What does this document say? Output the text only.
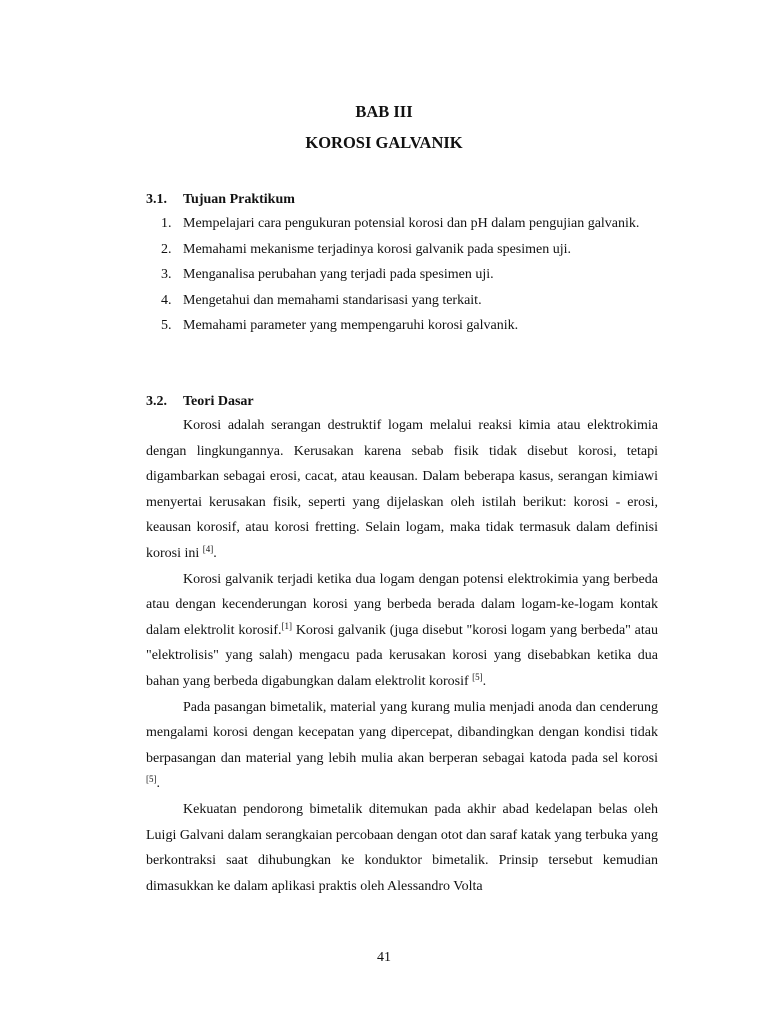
BAB III
KOROSI GALVANIK
3.1. Tujuan Praktikum
1. Mempelajari cara pengukuran potensial korosi dan pH dalam pengujian galvanik.
2. Memahami mekanisme terjadinya korosi galvanik pada spesimen uji.
3. Menganalisa perubahan yang terjadi pada spesimen uji.
4. Mengetahui dan memahami standarisasi yang terkait.
5. Memahami parameter yang mempengaruhi korosi galvanik.
3.2. Teori Dasar

Korosi adalah serangan destruktif logam melalui reaksi kimia atau elektrokimia dengan lingkungannya. Kerusakan karena sebab fisik tidak disebut korosi, tetapi digambarkan sebagai erosi, cacat, atau keausan. Dalam beberapa kasus, serangan kimiawi menyertai kerusakan fisik, seperti yang dijelaskan oleh istilah berikut: korosi - erosi, keausan korosif, atau korosi fretting. Selain logam, maka tidak termasuk dalam definisi korosi ini [4].

Korosi galvanik terjadi ketika dua logam dengan potensi elektrokimia yang berbeda atau dengan kecenderungan korosi yang berbeda berada dalam logam-ke-logam kontak dalam elektrolit korosif.[1] Korosi galvanik (juga disebut "korosi logam yang berbeda" atau "elektrolisis" yang salah) mengacu pada kerusakan korosi yang disebabkan ketika dua bahan yang berbeda digabungkan dalam elektrolit korosif [5].

Pada pasangan bimetalik, material yang kurang mulia menjadi anoda dan cenderung mengalami korosi dengan kecepatan yang dipercepat, dibandingkan dengan kondisi tidak berpasangan dan material yang lebih mulia akan berperan sebagai katoda pada sel korosi [5].

Kekuatan pendorong bimetalik ditemukan pada akhir abad kedelapan belas oleh Luigi Galvani dalam serangkaian percobaan dengan otot dan saraf katak yang terbuka yang berkontraksi saat dihubungkan ke konduktor bimetalik. Prinsip tersebut kemudian dimasukkan ke dalam aplikasi praktis oleh Alessandro Volta

41
